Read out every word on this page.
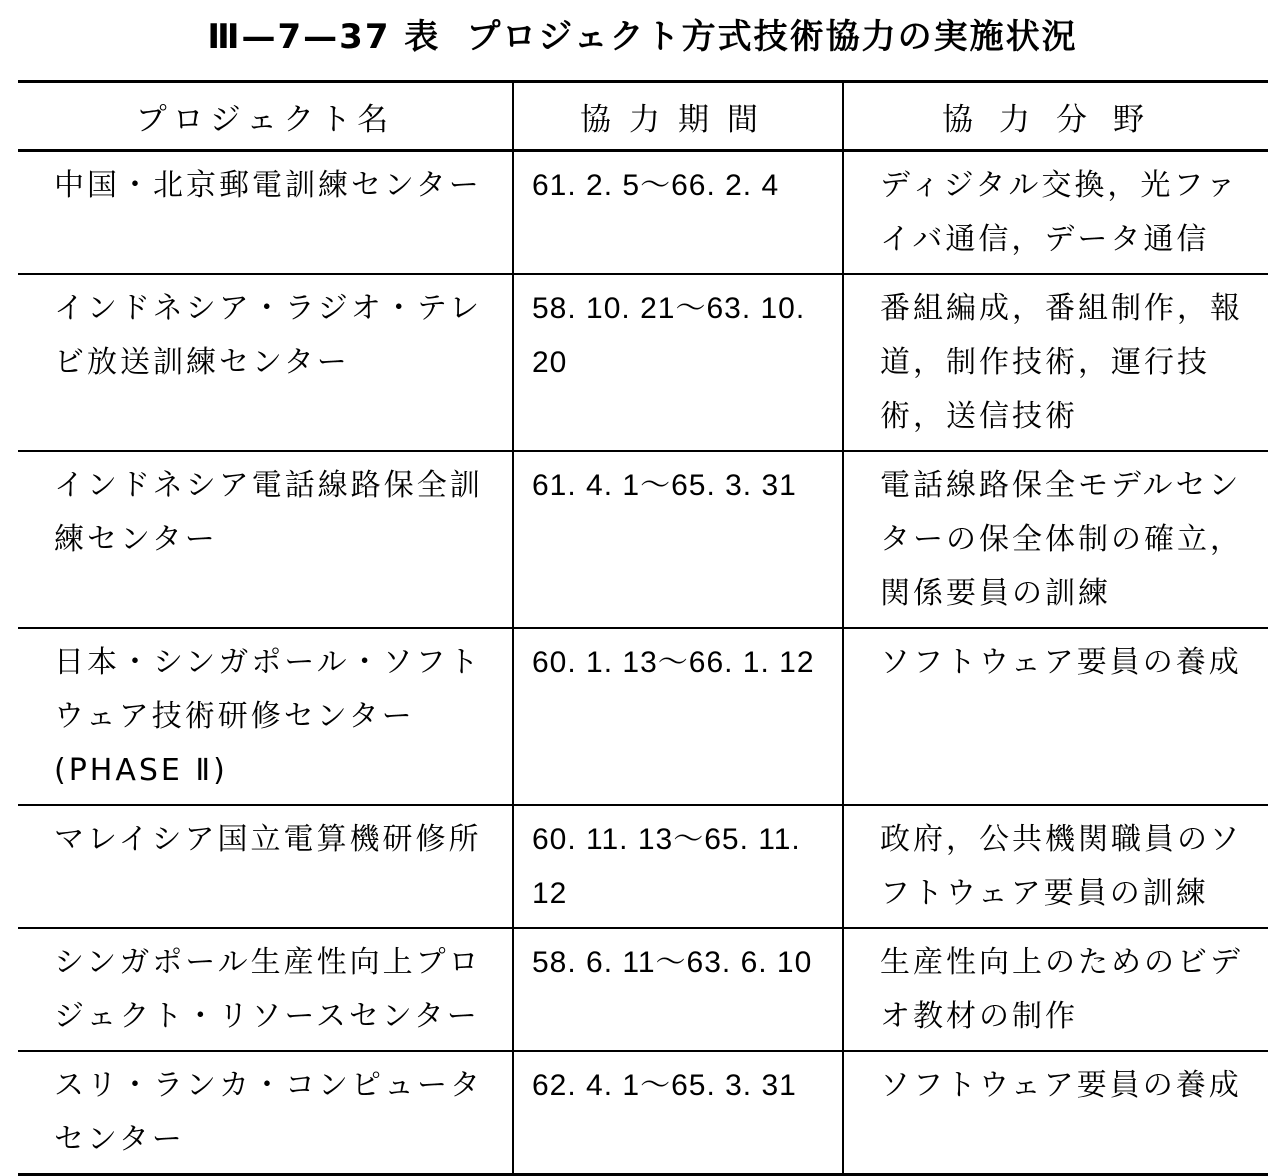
Ⅲ—7—37 表 プロジェクト方式技術協力の実施状況
プロジェクト名	協力期間	協力分野
中国・北京郵電訓練センター	61. 2. 5〜66. 2. 4	ディジタル交換，光ファイバ通信，データ通信
インドネシア・ラジオ・テレビ放送訓練センター	58. 10. 21〜63. 10. 20	番組編成，番組制作，報道，制作技術，運行技術，送信技術
インドネシア電話線路保全訓練センター	61. 4. 1〜65. 3. 31	電話線路保全モデルセンターの保全体制の確立，関係要員の訓練
日本・シンガポール・ソフトウェア技術研修センター(PHASE Ⅱ)	60. 1. 13〜66. 1. 12	ソフトウェア要員の養成
マレイシア国立電算機研修所	60. 11. 13〜65. 11. 12	政府，公共機関職員のソフトウェア要員の訓練
シンガポール生産性向上プロジェクト・リソースセンター	58. 6. 11〜63. 6. 10	生産性向上のためのビデオ教材の制作
スリ・ランカ・コンピュータセンター	62. 4. 1〜65. 3. 31	ソフトウェア要員の養成
